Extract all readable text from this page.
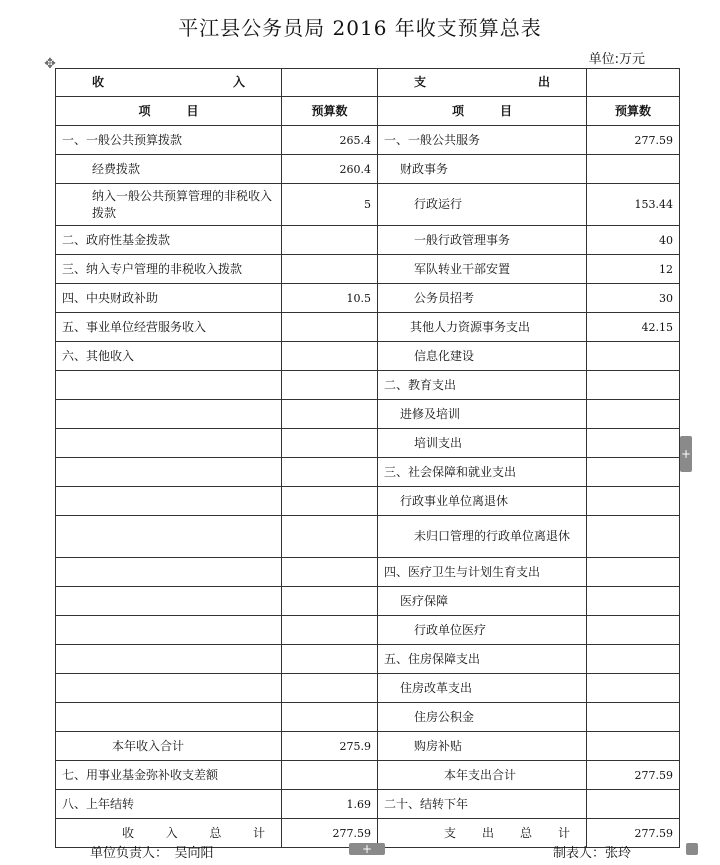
平江县公务员局 2016 年收支预算总表
✥	单位:万元
收 入		支 出	

项　　　目	预算数	项　　　目	预算数
一、一般公共预算拨款	265.4	一、一般公共服务	277.59
经费拨款	260.4	财政事务	
纳入一般公共预算管理的非税收入拨款	5	行政运行	153.44
二、政府性基金拨款		一般行政管理事务	40
三、纳入专户管理的非税收入拨款		军队转业干部安置	12
四、中央财政补助	10.5	公务员招考	30
五、事业单位经营服务收入		其他人力资源事务支出	42.15
六、其他收入		信息化建设	
		二、教育支出	
		进修及培训	
		培训支出	
		三、社会保障和就业支出	
		行政事业单位离退休	
		未归口管理的行政单位离退休	
		四、医疗卫生与计划生育支出	
		医疗保障	
		行政单位医疗	
		五、住房保障支出	
		住房改革支出	
		住房公积金	
本年收入合计	275.9	购房补贴	
七、用事业基金弥补收支差额		本年支出合计	277.59
八、上年结转	1.69	二十、结转下年	

收 入 总 计	277.59	支 出 总 计	277.59
单位负责人：　吴向阳	制表人：张玲
+
+
